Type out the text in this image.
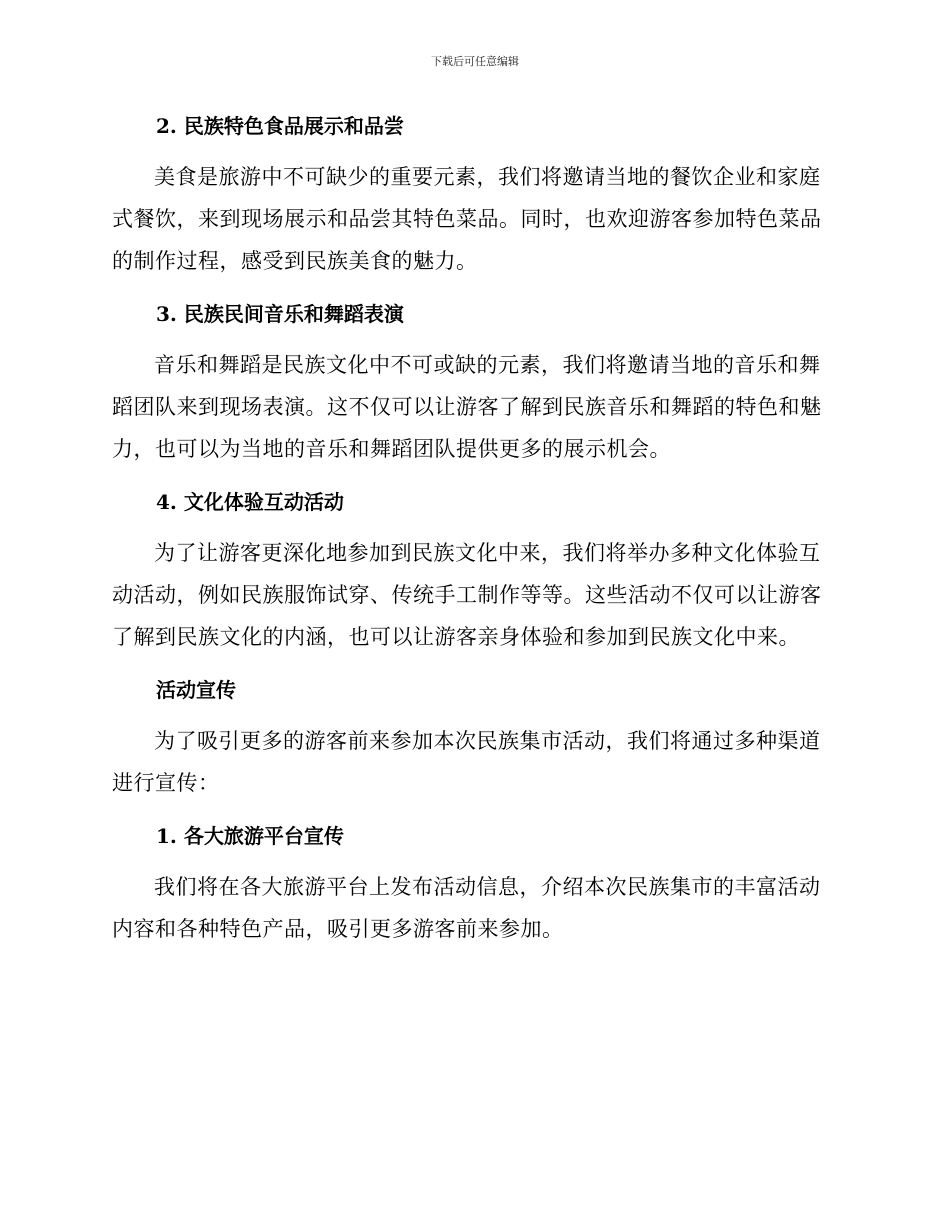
下载后可任意编辑
2. 民族特色食品展示和品尝

美食是旅游中不可缺少的重要元素，我们将邀请当地的餐饮企业和家庭式餐饮，来到现场展示和品尝其特色菜品。同时，也欢迎游客参加特色菜品的制作过程，感受到民族美食的魅力。

3. 民族民间音乐和舞蹈表演

音乐和舞蹈是民族文化中不可或缺的元素，我们将邀请当地的音乐和舞蹈团队来到现场表演。这不仅可以让游客了解到民族音乐和舞蹈的特色和魅力，也可以为当地的音乐和舞蹈团队提供更多的展示机会。

4. 文化体验互动活动

为了让游客更深化地参加到民族文化中来，我们将举办多种文化体验互动活动，例如民族服饰试穿、传统手工制作等等。这些活动不仅可以让游客了解到民族文化的内涵，也可以让游客亲身体验和参加到民族文化中来。

活动宣传

为了吸引更多的游客前来参加本次民族集市活动，我们将通过多种渠道进行宣传：

1. 各大旅游平台宣传

我们将在各大旅游平台上发布活动信息，介绍本次民族集市的丰富活动内容和各种特色产品，吸引更多游客前来参加。
